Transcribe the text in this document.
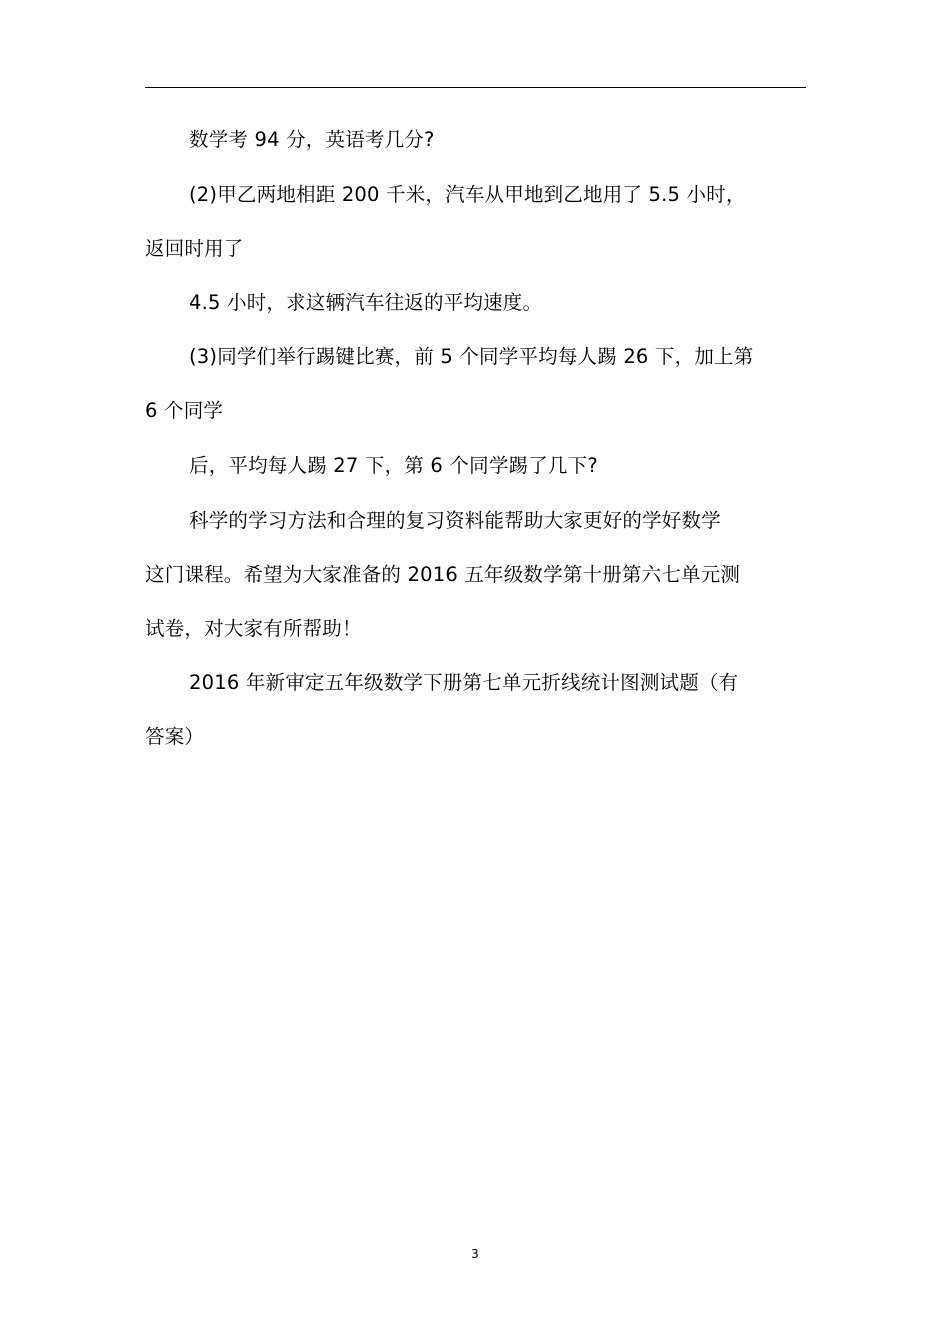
数学考 94 分，英语考几分?
(2)甲乙两地相距 200 千米，汽车从甲地到乙地用了 5.5 小时，
返回时用了
4.5 小时，求这辆汽车往返的平均速度。
(3)同学们举行踢键比赛，前 5 个同学平均每人踢 26 下，加上第
6 个同学
后，平均每人踢 27 下，第 6 个同学踢了几下?
科学的学习方法和合理的复习资料能帮助大家更好的学好数学
这门课程。希望为大家准备的 2016 五年级数学第十册第六七单元测
试卷，对大家有所帮助！
2016 年新审定五年级数学下册第七单元折线统计图测试题（有
答案）
3
